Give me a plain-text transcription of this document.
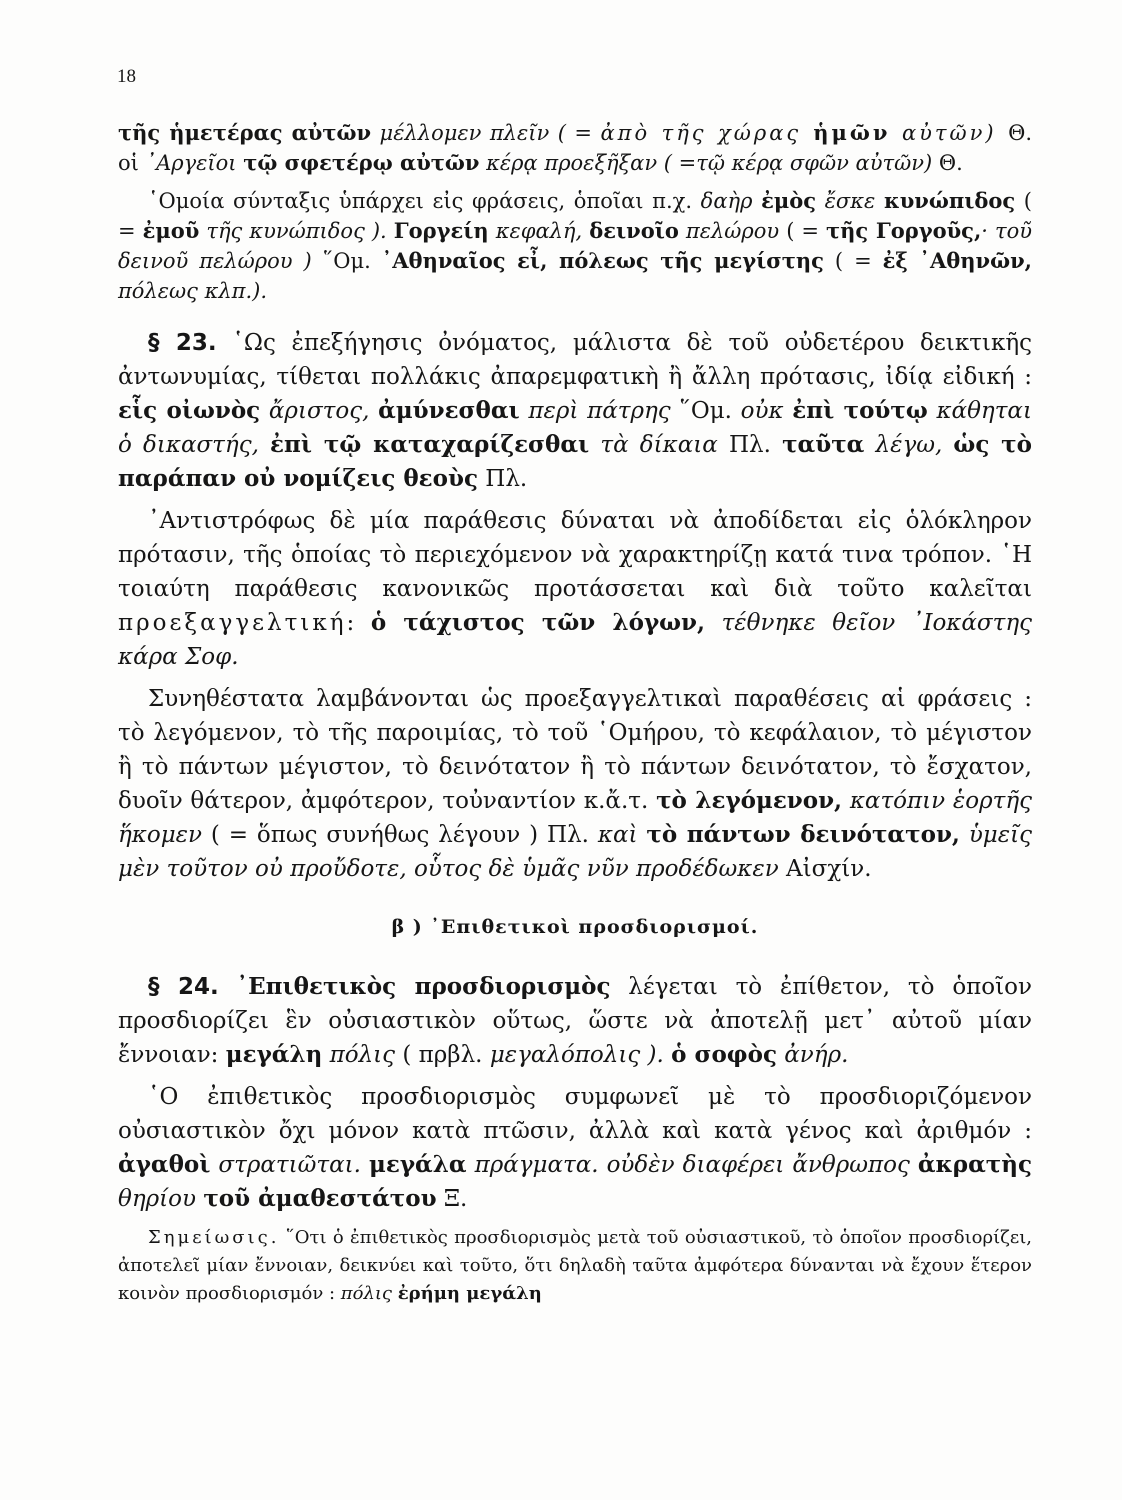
18
τῆς ἡμετέρας αὐτῶν μέλλομεν πλεῖν ( = ἀπὸ τῆς χώρας ἡμῶν αὐτῶν) Θ. οἱ ᾿Αργεῖοι τῷ σφετέρῳ αὐτῶν κέρᾳ προεξῆξαν ( =τῷ κέρᾳ σφῶν αὐτῶν) Θ.
῾Ομοία σύνταξις ὑπάρχει εἰς φράσεις, ὁποῖαι π.χ. δαὴρ ἐμὸς ἔσκε κυνώπιδος ( = ἐμοῦ τῆς κυνώπιδος ). Γοργείη κεφαλή, δεινοῖο πελώρου ( = τῆς Γοργοῦς,· τοῦ δεινοῦ πελώρου ) ῞Ομ. ᾿Αθηναῖος εἶ, πόλεως τῆς μεγίστης ( = ἐξ ᾿Αθηνῶν, πόλεως κλπ.).
§ 23. ῾Ως ἐπεξήγησις ὀνόματος, μάλιστα δὲ τοῦ οὐδετέρου δεικτικῆς ἀντωνυμίας, τίθεται πολλάκις ἀπαρεμφατικὴ ἢ ἄλλη πρότασις, ἰδίᾳ εἰδική : εἷς οἰωνὸς ἄριστος, ἀμύνεσθαι περὶ πάτρης ῞Ομ. οὐκ ἐπὶ τούτῳ κάθηται ὁ δικαστής, ἐπὶ τῷ καταχαρίζεσθαι τὰ δίκαια Πλ. ταῦτα λέγω, ὡς τὸ παράπαν οὐ νομίζεις θεοὺς Πλ.
᾿Αντιστρόφως δὲ μία παράθεσις δύναται νὰ ἀποδίδεται εἰς ὁλόκληρον πρότασιν, τῆς ὁποίας τὸ περιεχόμενον νὰ χαρακτηρίζῃ κατά τινα τρόπον. ῾Η τοιαύτη παράθεσις κανονικῶς προτάσσεται καὶ διὰ τοῦτο καλεῖται προεξαγγελτική: ὁ τάχιστος τῶν λόγων, τέθνηκε θεῖον ᾿Ιοκάστης κάρα Σοφ.
Συνηθέστατα λαμβάνονται ὡς προεξαγγελτικαὶ παραθέσεις αἱ φράσεις : τὸ λεγόμενον, τὸ τῆς παροιμίας, τὸ τοῦ ῾Ομήρου, τὸ κεφάλαιον, τὸ μέγιστον ἢ τὸ πάντων μέγιστον, τὸ δεινότατον ἢ τὸ πάντων δεινότατον, τὸ ἔσχατον, δυοῖν θάτερον, ἀμφότερον, τοὐναντίον κ.ἄ.τ. τὸ λεγόμενον, κατόπιν ἑορτῆς ἥκομεν ( = ὅπως συνήθως λέγουν ) Πλ. καὶ τὸ πάντων δεινότατον, ὑμεῖς μὲν τοῦτον οὐ προὔδοτε, οὗτος δὲ ὑμᾶς νῦν προδέδωκεν Αἰσχίν.
β ) ᾿Επιθετικοὶ προσδιορισμοί.
§ 24. ᾿Επιθετικὸς προσδιορισμὸς λέγεται τὸ ἐπίθετον, τὸ ὁποῖον προσδιορίζει ἓν οὐσιαστικὸν οὕτως, ὥστε νὰ ἀποτελῇ μετ᾿ αὐτοῦ μίαν ἔννοιαν: μεγάλη πόλις ( πρβλ. μεγαλόπολις ). ὁ σοφὸς ἀνήρ.
῾Ο ἐπιθετικὸς προσδιορισμὸς συμφωνεῖ μὲ τὸ προσδιοριζόμενον οὐσιαστικὸν ὄχι μόνον κατὰ πτῶσιν, ἀλλὰ καὶ κατὰ γένος καὶ ἀριθμόν : ἀγαθοὶ στρατιῶται. μεγάλα πράγματα. οὐδὲν διαφέρει ἄνθρωπος ἀκρατὴς θηρίου τοῦ ἀμαθεστάτου Ξ.
Σημείωσις. ῞Οτι ὁ ἐπιθετικὸς προσδιορισμὸς μετὰ τοῦ οὐσιαστικοῦ, τὸ ὁποῖον προσδιορίζει, ἀποτελεῖ μίαν ἔννοιαν, δεικνύει καὶ τοῦτο, ὅτι δηλαδὴ ταῦτα ἀμφότερα δύνανται νὰ ἔχουν ἕτερον κοινὸν προσδιορισμόν : πόλις ἐρήμη μεγάλη
